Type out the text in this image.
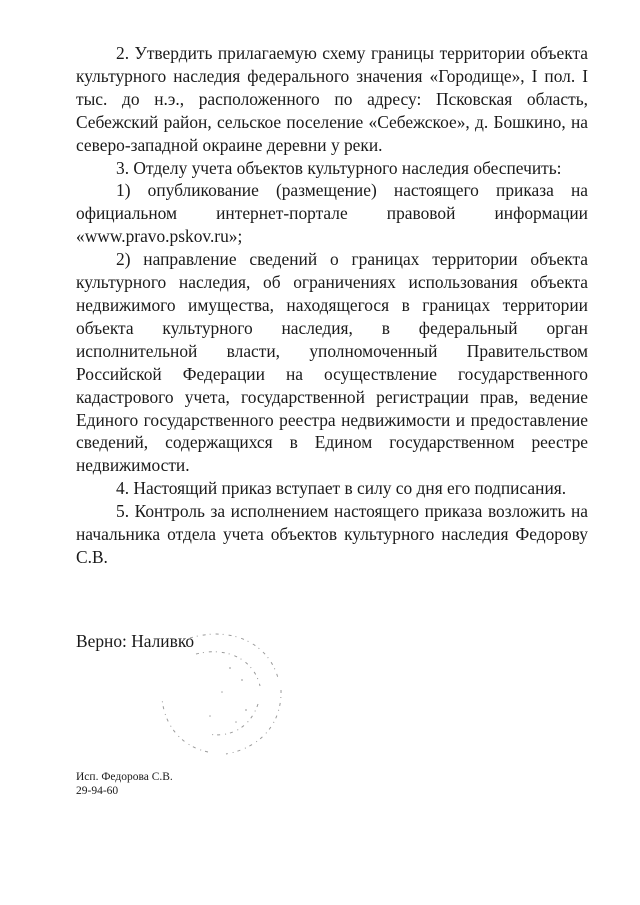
2. Утвердить прилагаемую схему границы территории объекта культурного наследия федерального значения «Городище», I пол. I тыс. до н.э., расположенного по адресу: Псковская область, Себежский район, сельское поселение «Себежское», д. Бошкино, на северо-западной окраине деревни у реки.

3. Отделу учета объектов культурного наследия обеспечить:

1) опубликование (размещение) настоящего приказа на официальном интернет-портале правовой информации «www.pravo.pskov.ru»;

2) направление сведений о границах территории объекта культурного наследия, об ограничениях использования объекта недвижимого имущества, находящегося в границах территории объекта культурного наследия, в федеральный орган исполнительной власти, уполномоченный Правительством Российской Федерации на осуществление государственного кадастрового учета, государственной регистрации прав, ведение Единого государственного реестра недвижимости и предоставление сведений, содержащихся в Едином государственном реестре недвижимости.

4. Настоящий приказ вступает в силу со дня его подписания.

5. Контроль за исполнением настоящего приказа возложить на начальника отдела учета объектов культурного наследия Федорову С.В.

Верно: Наливко
Исп. Федорова С.В.
29-94-60
